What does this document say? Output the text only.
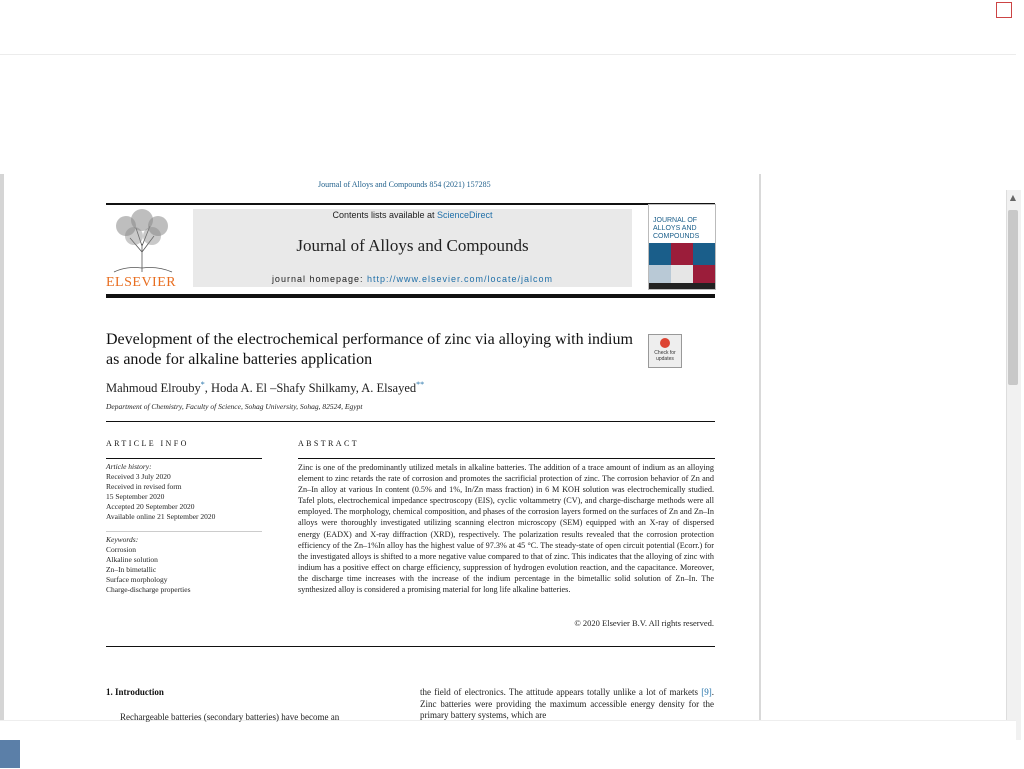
▲
Journal of Alloys and Compounds 854 (2021) 157285
ELSEVIER
Contents lists available at ScienceDirect
Journal of Alloys and Compounds
journal homepage: http://www.elsevier.com/locate/jalcom
JOURNAL OF
ALLOYS AND
COMPOUNDS
Development of the electrochemical performance of zinc via alloying with indium as anode for alkaline batteries application	Check for updates
Mahmoud Elrouby*, Hoda A. El –Shafy Shilkamy, A. Elsayed**
Department of Chemistry, Faculty of Science, Sohag University, Sohag, 82524, Egypt
ARTICLE INFO	ABSTRACT
Article history:
Received 3 July 2020
Received in revised form
15 September 2020
Accepted 20 September 2020
Available online 21 September 2020
Keywords:
Corrosion
Alkaline solution
Zn–In bimetallic
Surface morphology
Charge-discharge properties
Zinc is one of the predominantly utilized metals in alkaline batteries. The addition of a trace amount of indium as an alloying element to zinc retards the rate of corrosion and promotes the sacrificial protection of zinc. The corrosion behavior of Zn and Zn–In alloy at various In content (0.5% and 1%, In/Zn mass fraction) in 6 M KOH solution was electrochemically studied. Tafel plots, electrochemical impedance spectroscopy (EIS), cyclic voltammetry (CV), and charge-discharge methods were all employed. The morphology, chemical composition, and phases of the corrosion layers formed on the surfaces of Zn and Zn–In alloys were thoroughly investigated utilizing scanning electron microscopy (SEM) equipped with an X-ray of dispersed energy (EADX) and X-ray diffraction (XRD), respectively. The polarization results revealed that the corrosion protection efficiency of the Zn–1%In alloy has the highest value of 97.3% at 45 °C. The steady-state of open circuit potential (Ecorr.) for the investigated alloys is shifted to a more negative value compared to that of zinc. This indicates that the alloying of zinc with indium has a positive effect on charge efficiency, suppression of hydrogen evolution reaction, and the capacitance. Moreover, the discharge time increases with the increase of the indium percentage in the bimetallic solid solution of Zn–In. The synthesized alloy is considered a promising material for long life alkaline batteries.
© 2020 Elsevier B.V. All rights reserved.
1. Introduction
Rechargeable batteries (secondary batteries) have become an
the field of electronics. The attitude appears totally unlike a lot of markets [9]. Zinc batteries were providing the maximum accessible energy density for the primary battery systems, which are
